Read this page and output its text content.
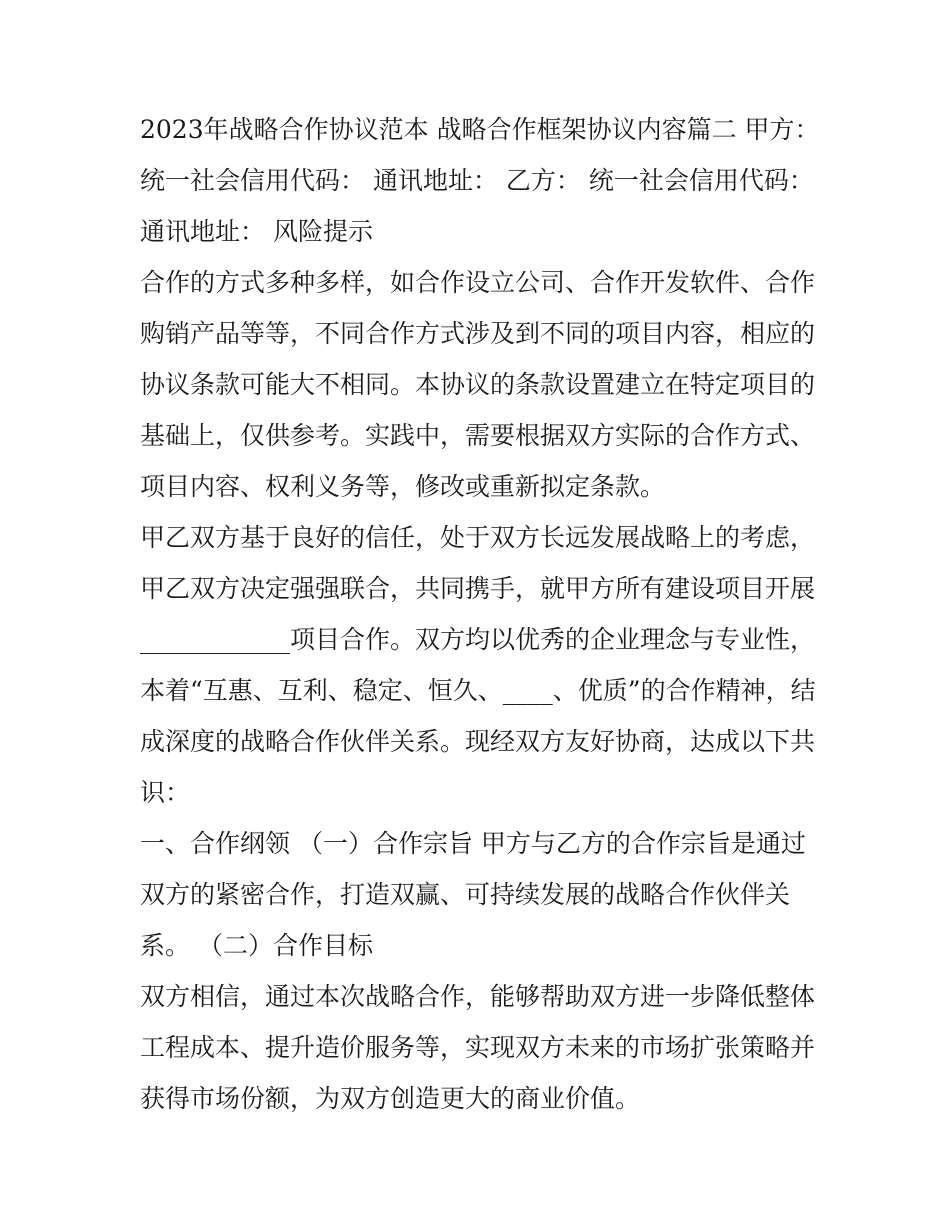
2023年战略合作协议范本 战略合作框架协议内容篇二 甲方： 统一社会信用代码： 通讯地址： 乙方： 统一社会信用代码： 通讯地址： 风险提示

合作的方式多种多样，如合作设立公司、合作开发软件、合作购销产品等等，不同合作方式涉及到不同的项目内容，相应的协议条款可能大不相同。本协议的条款设置建立在特定项目的基础上，仅供参考。实践中，需要根据双方实际的合作方式、项目内容、权利义务等，修改或重新拟定条款。

甲乙双方基于良好的信任，处于双方长远发展战略上的考虑，甲乙双方决定强强联合，共同携手，就甲方所有建设项目开展____________项目合作。双方均以优秀的企业理念与专业性，本着“互惠、互利、稳定、恒久、____、优质”的合作精神，结成深度的战略合作伙伴关系。现经双方友好协商，达成以下共识：

一、合作纲领 （一）合作宗旨 甲方与乙方的合作宗旨是通过双方的紧密合作，打造双赢、可持续发展的战略合作伙伴关系。 （二）合作目标

双方相信，通过本次战略合作，能够帮助双方进一步降低整体工程成本、提升造价服务等，实现双方未来的市场扩张策略并获得市场份额，为双方创造更大的商业价值。
